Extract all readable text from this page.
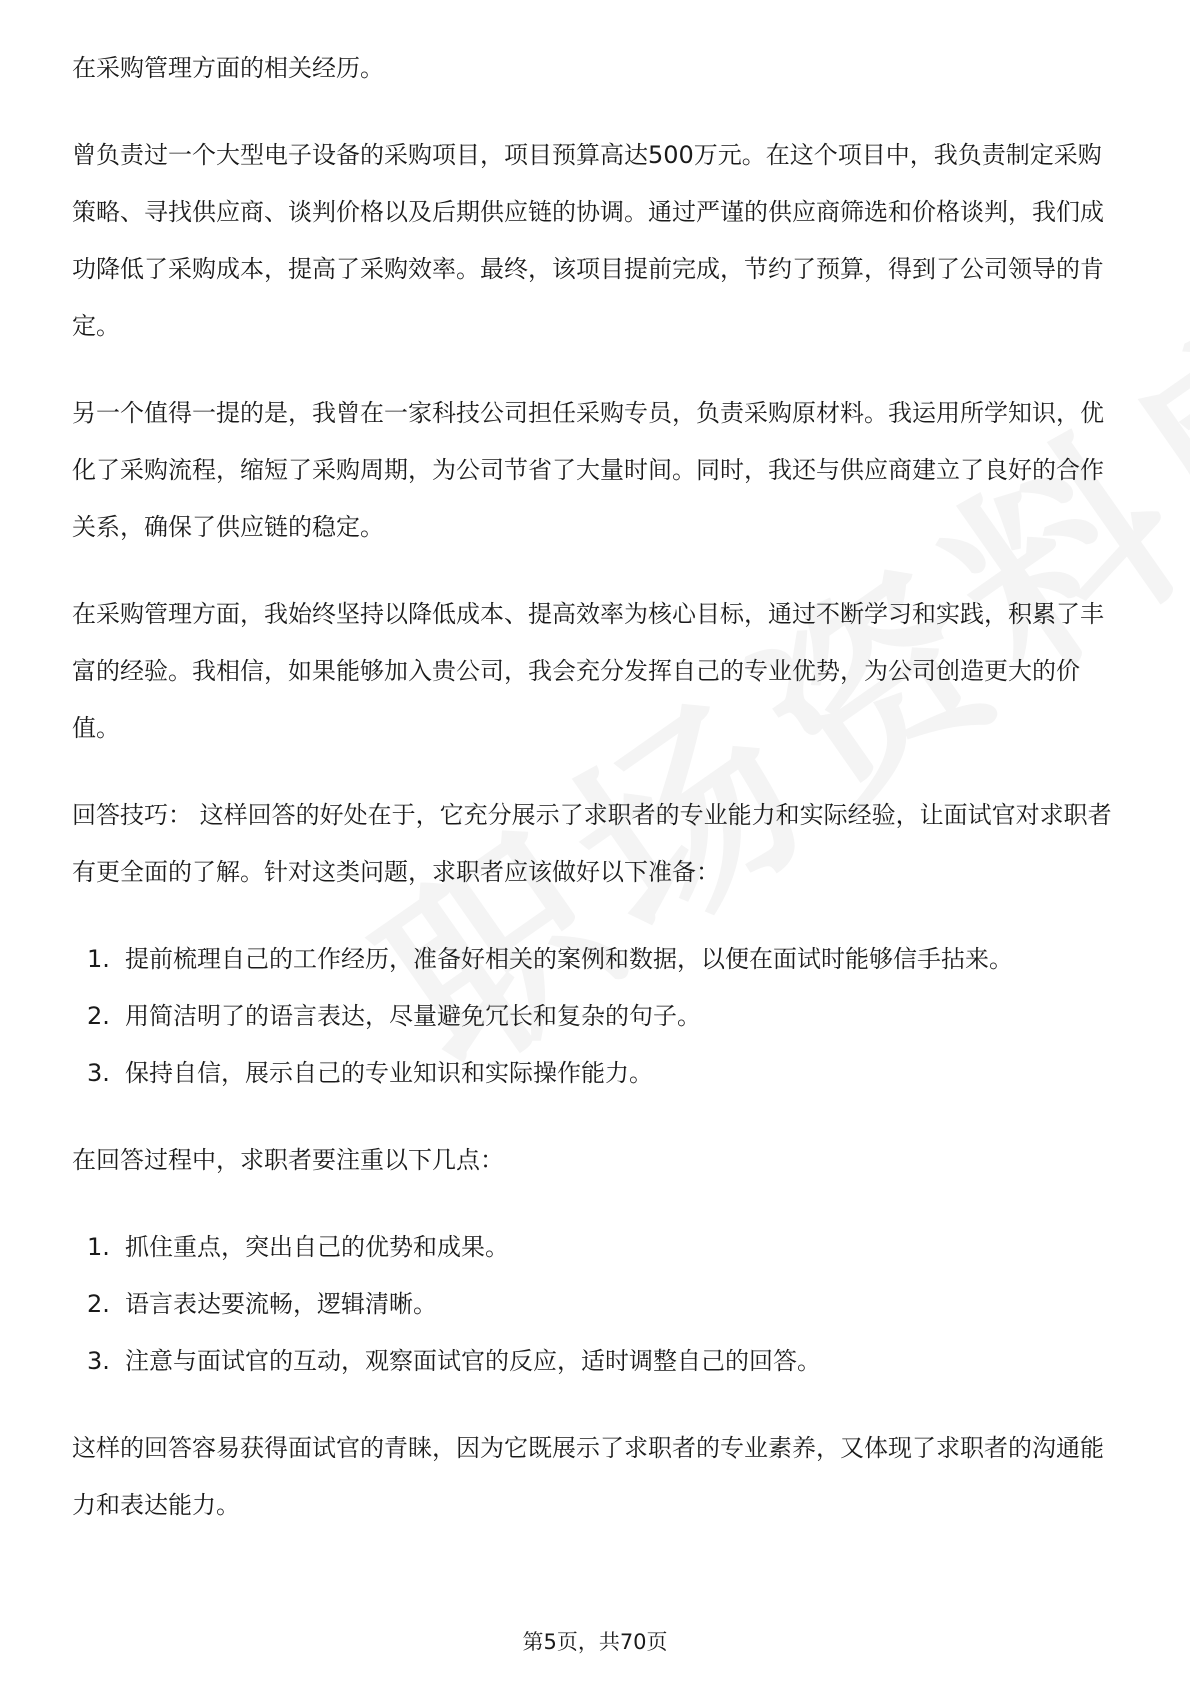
在采购管理方面的相关经历。

曾负责过一个大型电子设备的采购项目，项目预算高达500万元。在这个项目中，我负责制定采购策略、寻找供应商、谈判价格以及后期供应链的协调。通过严谨的供应商筛选和价格谈判，我们成功降低了采购成本，提高了采购效率。最终，该项目提前完成，节约了预算，得到了公司领导的肯定。

另一个值得一提的是，我曾在一家科技公司担任采购专员，负责采购原材料。我运用所学知识，优化了采购流程，缩短了采购周期，为公司节省了大量时间。同时，我还与供应商建立了良好的合作关系，确保了供应链的稳定。

在采购管理方面，我始终坚持以降低成本、提高效率为核心目标，通过不断学习和实践，积累了丰富的经验。我相信，如果能够加入贵公司，我会充分发挥自己的专业优势，为公司创造更大的价值。

回答技巧： 这样回答的好处在于，它充分展示了求职者的专业能力和实际经验，让面试官对求职者有更全面的了解。针对这类问题，求职者应该做好以下准备：

1. 提前梳理自己的工作经历，准备好相关的案例和数据，以便在面试时能够信手拈来。
2. 用简洁明了的语言表达，尽量避免冗长和复杂的句子。
3. 保持自信，展示自己的专业知识和实际操作能力。

在回答过程中，求职者要注重以下几点：

1. 抓住重点，突出自己的优势和成果。
2. 语言表达要流畅，逻辑清晰。
3. 注意与面试官的互动，观察面试官的反应，适时调整自己的回答。

这样的回答容易获得面试官的青睐，因为它既展示了求职者的专业素养，又体现了求职者的沟通能力和表达能力。

第5页，共70页
